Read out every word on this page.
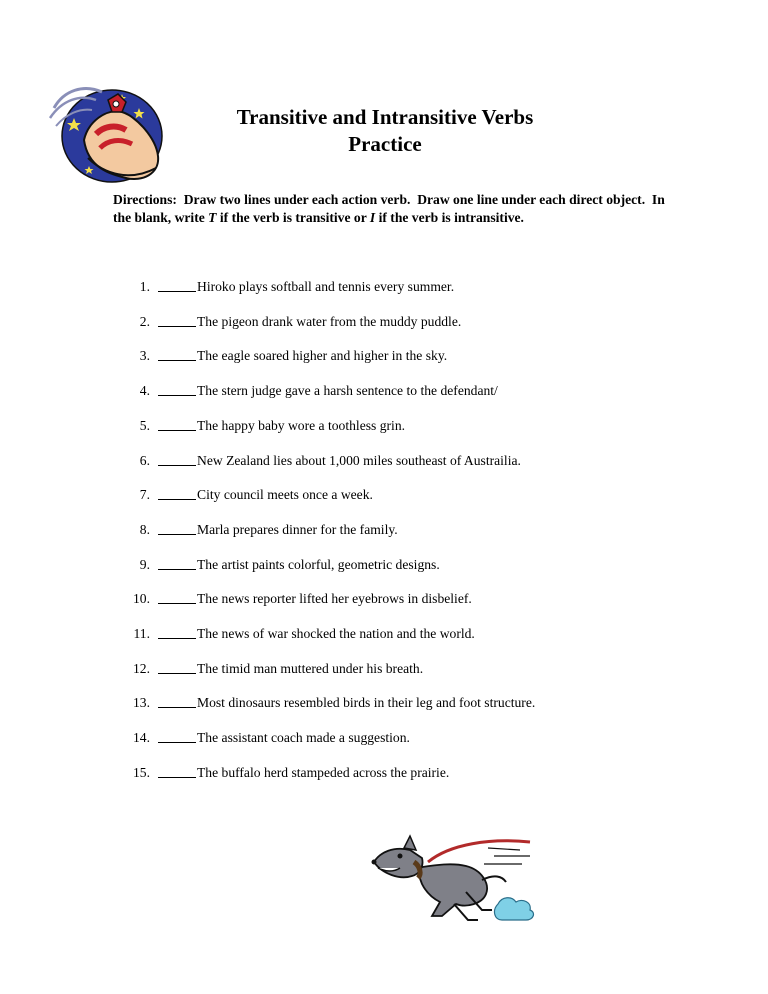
Transitive and Intransitive Verbs
Practice
Directions:  Draw two lines under each action verb.  Draw one line under each direct object.  In the blank, write T if the verb is transitive or I if the verb is intransitive.
1.	Hiroko plays softball and tennis every summer.
2.	The pigeon drank water from the muddy puddle.
3.	The eagle soared higher and higher in the sky.
4.	The stern judge gave a harsh sentence to the defendant/
5.	The happy baby wore a toothless grin.
6.	New Zealand lies about 1,000 miles southeast of Austrailia.
7.	City council meets once a week.
8.	Marla prepares dinner for the family.
9.	The artist paints colorful, geometric designs.
10.	The news reporter lifted her eyebrows in disbelief.
11.	The news of war shocked the nation and the world.
12.	The timid man muttered under his breath.
13.	Most dinosaurs resembled birds in their leg and foot structure.
14.	The assistant coach made a suggestion.
15.	The buffalo herd stampeded across the prairie.
